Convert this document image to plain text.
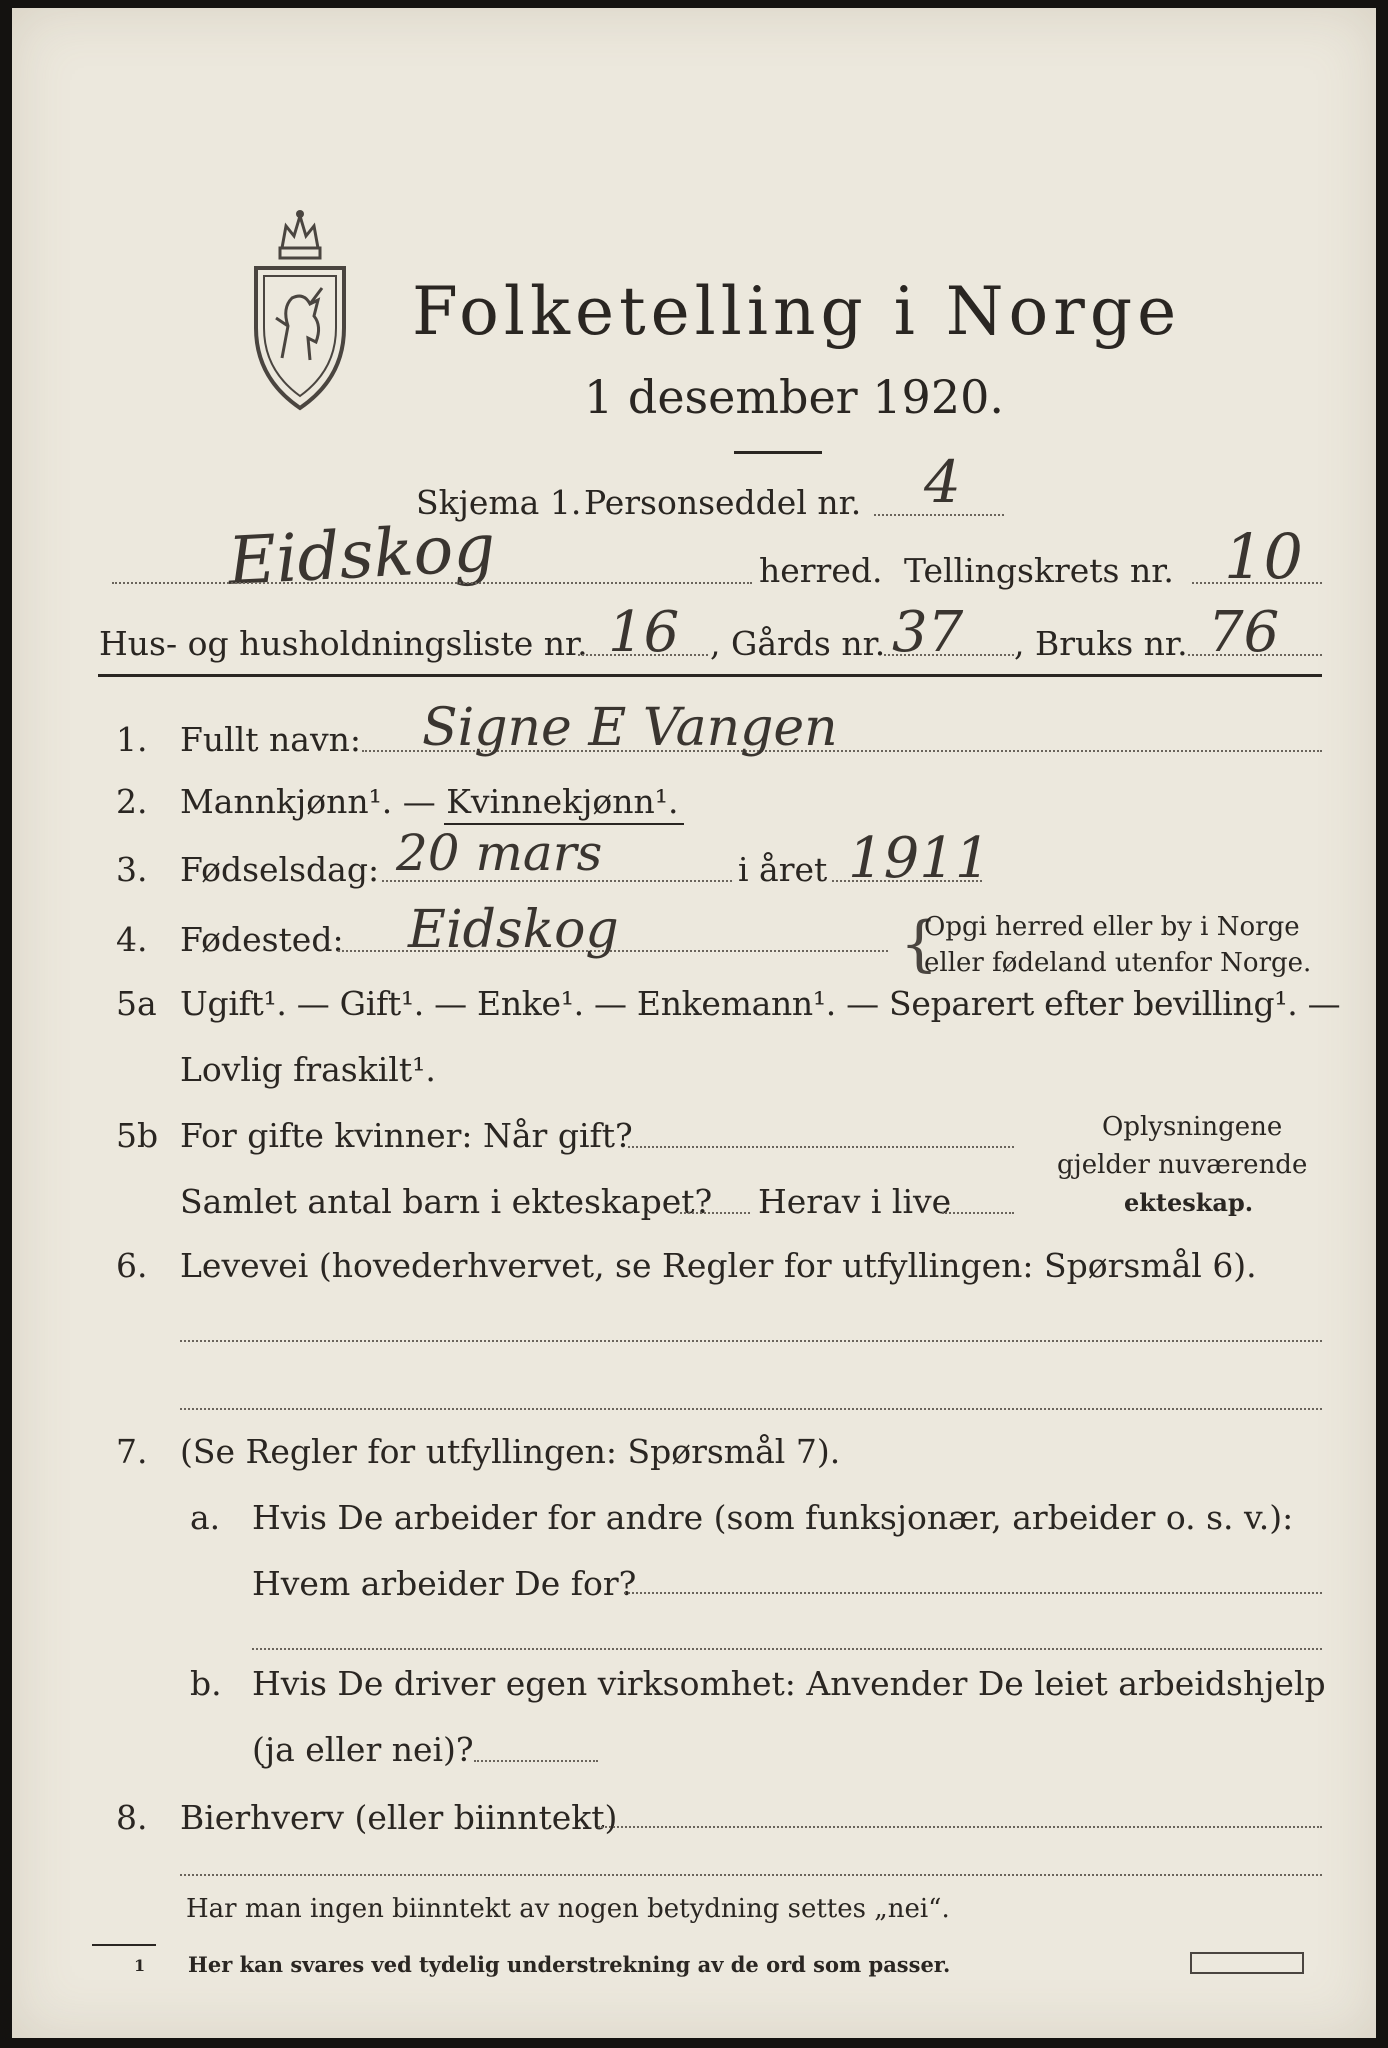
Folketelling i Norge
1 desember 1920.
Skjema 1. Personseddel nr. 4
Eidskog	herred. Tellingskrets nr. 10
Hus- og husholdningsliste nr. 16 , Gårds nr. 37 , Bruks nr. 76
1. Fullt navn: Signe E Vangen
2. Mannkjønn¹. — Kvinnekjønn¹.
3. Fødselsdag: 20 mars	i året 1911
4. Fødested: Eidskog	{
Opgi herred eller by i Norge
eller fødeland utenfor Norge.
5a Ugift¹. — Gift¹. — Enke¹. — Enkemann¹. — Separert efter bevilling¹. —
Lovlig fraskilt¹.
5b For gifte kvinner: Når gift?
Samlet antal barn i ekteskapet? Herav i live
Oplysningene
gjelder nuværende
ekteskap.
6. Levevei (hovederhvervet, se Regler for utfyllingen: Spørsmål 6).
7. (Se Regler for utfyllingen: Spørsmål 7).
a. Hvis De arbeider for andre (som funksjonær, arbeider o. s. v.):
Hvem arbeider De for?
b. Hvis De driver egen virksomhet: Anvender De leiet arbeidshjelp
(ja eller nei)?
8. Bierhverv (eller biinntekt)
Har man ingen biinntekt av nogen betydning settes „nei“.
1 Her kan svares ved tydelig understrekning av de ord som passer.
